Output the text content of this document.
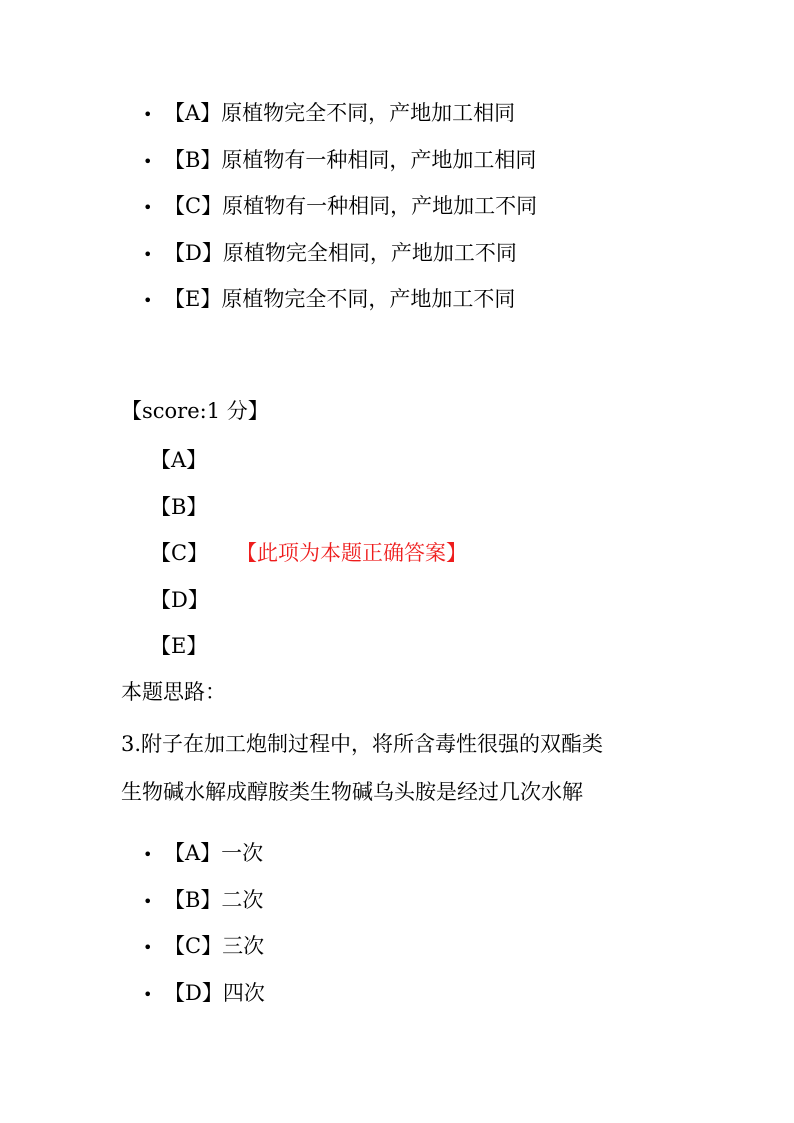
• 【A】原植物完全不同，产地加工相同
• 【B】原植物有一种相同，产地加工相同
• 【C】原植物有一种相同，产地加工不同
• 【D】原植物完全相同，产地加工不同
• 【E】原植物完全不同，产地加工不同
【score:1 分】
【A】
【B】
【C】 【此项为本题正确答案】
【D】
【E】
本题思路：
3.附子在加工炮制过程中，将所含毒性很强的双酯类
生物碱水解成醇胺类生物碱乌头胺是经过几次水解
• 【A】一次
• 【B】二次
• 【C】三次
• 【D】四次
